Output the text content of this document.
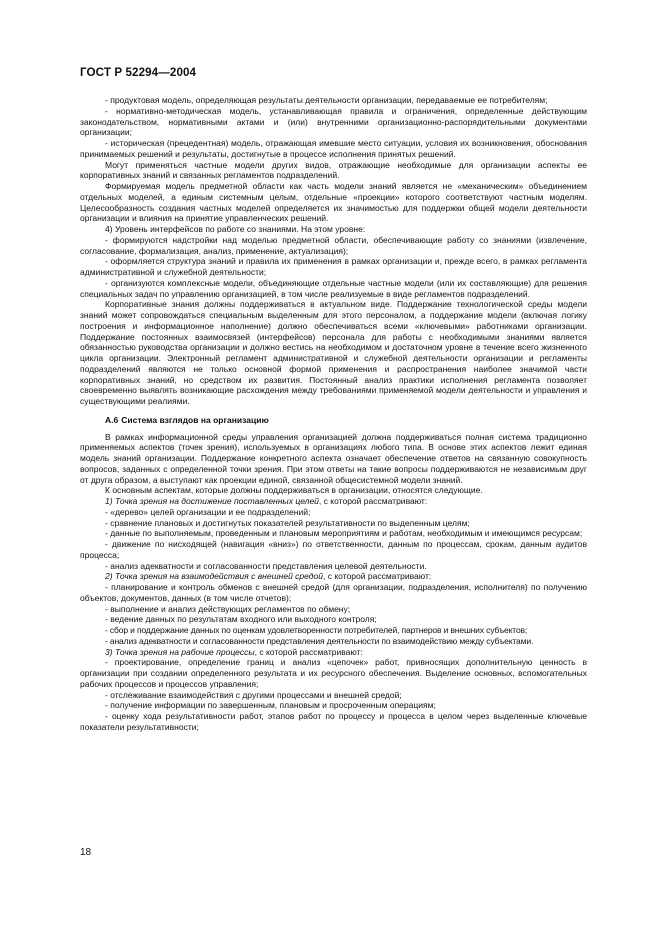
ГОСТ Р 52294—2004

- продуктовая модель, определяющая результаты деятельности организации, передаваемые ее потребителям;

- нормативно-методическая модель, устанавливающая правила и ограничения, определенные действующим законодательством, нормативными актами и (или) внутренними организационно-распорядительными документами организации;

- историческая (прецедентная) модель, отражающая имевшие место ситуации, условия их возникновения, обоснования принимаемых решений и результаты, достигнутые в процессе исполнения принятых решений.

Могут применяться частные модели других видов, отражающие необходимые для организации аспекты ее корпоративных знаний и связанных регламентов подразделений.

Формируемая модель предметной области как часть модели знаний является не «механическим» объединением отдельных моделей, а единым системным целым, отдельные «проекции» которого соответствуют частным моделям. Целесообразность создания частных моделей определяется их значимостью для поддержки общей модели деятельности организации и влияния на принятие управленческих решений.

4) Уровень интерфейсов по работе со знаниями. На этом уровне:

- формируются надстройки над моделью предметной области, обеспечивающие работу со знаниями (извлечение, согласование, формализация, анализ, применение, актуализация);

- оформляется структура знаний и правила их применения в рамках организации и, прежде всего, в рамках регламента административной и служебной деятельности;

- организуются комплексные модели, объединяющие отдельные частные модели (или их составляющие) для решения специальных задач по управлению организацией, в том числе реализуемые в виде регламентов подразделений.

Корпоративные знания должны поддерживаться в актуальном виде. Поддержание технологической среды модели знаний может сопровождаться специальным выделенным для этого персоналом, а поддержание модели (включая логику построения и информационное наполнение) должно обеспечиваться всеми «ключевыми» работниками организации. Поддержание постоянных взаимосвязей (интерфейсов) персонала для работы с необходимыми знаниями является обязанностью руководства организации и должно вестись на необходимом и достаточном уровне в течение всего жизненного цикла организации. Электронный регламент административной и служебной деятельности организации и регламенты подразделений являются не только основной формой применения и распространения наиболее значимой части корпоративных знаний, но средством их развития. Постоянный анализ практики исполнения регламента позволяет своевременно выявлять возникающие расхождения между требованиями применяемой модели деятельности и управления и существующими реалиями.

А.6 Система взглядов на организацию

В рамках информационной среды управления организацией должна поддерживаться полная система традиционно применяемых аспектов (точек зрения), используемых в организациях любого типа. В основе этих аспектов лежит единая модель знаний организации. Поддержание конкретного аспекта означает обеспечение ответов на связанную совокупность вопросов, заданных с определенной точки зрения. При этом ответы на такие вопросы поддерживаются не независимым друг от друга образом, а выступают как проекции единой, связанной общесистемной модели знаний.

К основным аспектам, которые должны поддерживаться в организации, относятся следующие.

1) Точка зрения на достижение поставленных целей, с которой рассматривают:

- «дерево» целей организации и ее подразделений;

- сравнение плановых и достигнутых показателей результативности по выделенным целям;

- данные по выполняемым, проведенным и плановым мероприятиям и работам, необходимым и имеющимся ресурсам;

- движение по нисходящей (навигация «вниз») по ответственности, данным по процессам, срокам, данным аудитов процесса;

- анализ адекватности и согласованности представления целевой деятельности.

2) Точка зрения на взаимодействия с внешней средой, с которой рассматривают:

- планирование и контроль обменов с внешней средой (для организации, подразделения, исполнителя) по получению объектов, документов, данных (в том числе отчетов);

- выполнение и анализ действующих регламентов по обмену;

- ведение данных по результатам входного или выходного контроля;

- сбор и поддержание данных по оценкам удовлетворенности потребителей, партнеров и внешних субъектов;

- анализ адекватности и согласованности представления деятельности по взаимодействию между субъектами.

3) Точка зрения на рабочие процессы, с которой рассматривают:

- проектирование, определение границ и анализ «цепочек» работ, привносящих дополнительную ценность в организации при создании определенного результата и их ресурсного обеспечения. Выделение основных, вспомогательных рабочих процессов и процессов управления;

- отслеживание взаимодействия с другими процессами и внешней средой;

- получение информации по завершенным, плановым и просроченным операциям;

- оценку хода результативности работ, этапов работ по процессу и процесса в целом через выделенные ключевые показатели результативности;

18
